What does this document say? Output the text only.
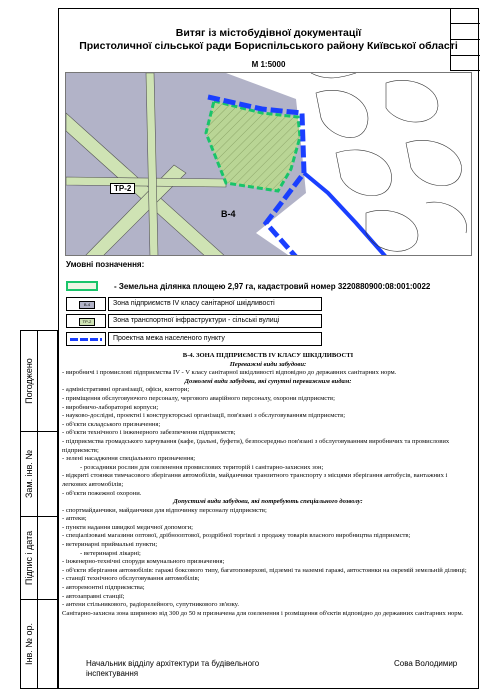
Погоджено
Зам. інв. №
Підпис і дата
Інв. № ор.
Витяг із містобудівної документації
Пристоличної сільської ради Бориспільського району Київської області
М 1:5000
ТР-2
В-4
Умовні позначення:
- Земельна ділянка площею 2,97 га, кадастровий номер 3220880900:08:001:0022
В-4	Зона підприємств IV класу санітарної шкідливості
ТР-2	Зона транспортної інфраструктури - сільські вулиці
Проектна межа населеного пункту

В-4. ЗОНА ПІДПРИЄМСТВ IV КЛАСУ ШКІДЛИВОСТІ

Переважні види забудови:

- виробничі і промислові підприємства IV - V класу санітарної шкідливості відповідно до державних санітарних норм.

Дозволені види забудови, які супутні переважним видам:

- адміністративні організації, офіси, контори;

- приміщення обслуговуючого персоналу, чергового аварійного персоналу, охорони підприємств;

- виробничо-лабораторні корпуси;

- науково-дослідні, проектні і конструкторські організації, пов'язані з обслуговуванням підприємств;

- об'єкти складського призначення;

- об'єкти технічного і інженерного забезпечення підприємств;

- підприємства громадського харчування (кафе, їдальні, буфети), безпосередньо пов'язані з обслуговуванням виробничих та промислових підприємств;

- зелені насадження спеціального призначення;

- розсадники рослин для озеленення промислових територій і санітарно-захисних зон;

- відкриті стоянки тимчасового зберігання автомобілів, майданчики транзитного транспорту з місцями зберігання автобусів, вантажних і легкових автомобілів;

- об'єкти пожежної охорони.

Допустимі види забудови, які потребують спеціального дозволу:

- спортмайданчики, майданчики для відпочинку персоналу підприємств;

- аптеки;

- пункти надання швидкої медичної допомоги;

- спеціалізовані магазини оптової, дрібнооптової, роздрібної торгівлі з продажу товарів власного виробництва підприємств;

- ветеринарні приймальні пункти;

- ветеринарні лікарні;

- інженерно-технічні споруди комунального призначення;

- об'єкти зберігання автомобілів: гаражі боксового типу, багатоповерхові, підземні та наземні гаражі, автостоянки на окремій земельній ділянці;

- станції технічного обслуговування автомобілів;

- авторемонтні підприємства;

- автозаправні станції;

- антени стільникового, радіорелейного, супутникового зв'язку.

Санітарно-захисна зона шириною від 300 до 50 м призначена для озеленення і розміщення об'єктів відповідно до державних санітарних норм.

Начальник відділу архітектури та будівельного інспектування
Сова Володимир
